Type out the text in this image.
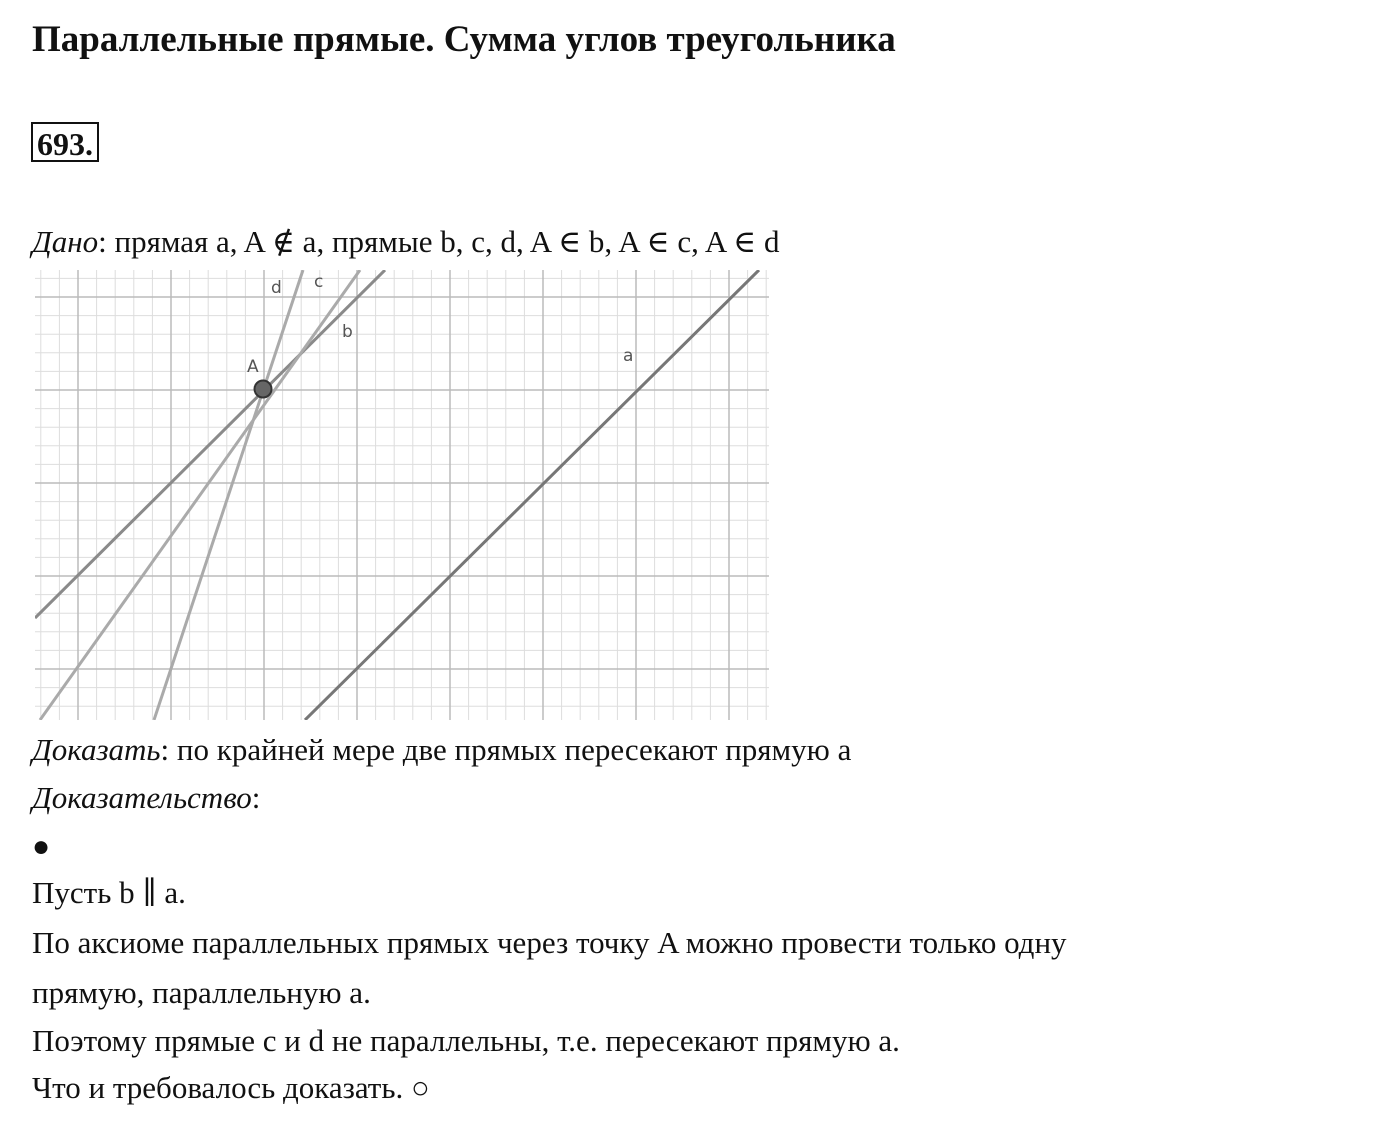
Параллельные прямые. Сумма углов треугольника
693.
Дано: прямая a, A ∉ a, прямые b, c, d, A ∈ b, A ∈ c, A ∈ d
A
a
b
c
d
Доказать: по крайней мере две прямых пересекают прямую a
Доказательство:
●
Пусть b ∥ a.
По аксиоме параллельных прямых через точку A можно провести только одну
прямую, параллельную a.
Поэтому прямые c и d не параллельны, т.е. пересекают прямую a.
Что и требовалось доказать. ○
